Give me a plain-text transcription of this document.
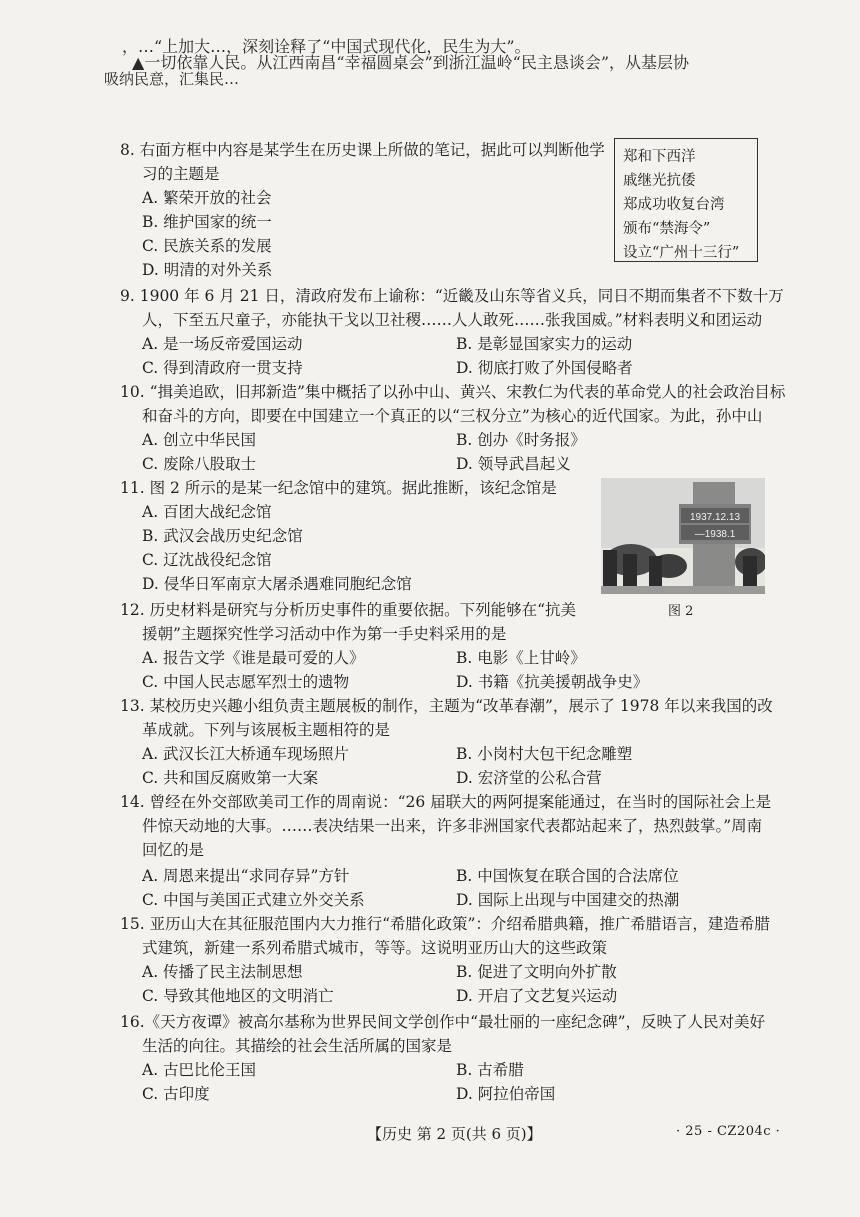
，…“上加大…，深刻诠释了“中国式现代化，民生为大”。
▲一切依靠人民。从江西南昌“幸福圆桌会”到浙江温岭“民主恳谈会”，从基层协
吸纳民意，汇集民…
8. 右面方框中内容是某学生在历史课上所做的笔记，据此可以判断他学
习的主题是
A. 繁荣开放的社会
B. 维护国家的统一
C. 民族关系的发展
D. 明清的对外关系
郑和下西洋
戚继光抗倭
郑成功收复台湾
颁布“禁海令”
设立“广州十三行”
9. 1900 年 6 月 21 日，清政府发布上谕称：“近畿及山东等省义兵，同日不期而集者不下数十万
人，下至五尺童子，亦能执干戈以卫社稷……人人敢死……张我国威。”材料表明义和团运动
A. 是一场反帝爱国运动	B. 是彰显国家实力的运动
C. 得到清政府一贯支持	D. 彻底打败了外国侵略者
10. “揖美追欧，旧邦新造”集中概括了以孙中山、黄兴、宋教仁为代表的革命党人的社会政治目标
和奋斗的方向，即要在中国建立一个真正的以“三权分立”为核心的近代国家。为此，孙中山
A. 创立中华民国	B. 创办《时务报》
C. 废除八股取士	D. 领导武昌起义
11. 图 2 所示的是某一纪念馆中的建筑。据此推断，该纪念馆是
A. 百团大战纪念馆
B. 武汉会战历史纪念馆
C. 辽沈战役纪念馆
D. 侵华日军南京大屠杀遇难同胞纪念馆
1937.12.13
—1938.1
图 2
12. 历史材料是研究与分析历史事件的重要依据。下列能够在“抗美
援朝”主题探究性学习活动中作为第一手史料采用的是
A. 报告文学《谁是最可爱的人》	B. 电影《上甘岭》
C. 中国人民志愿军烈士的遗物	D. 书籍《抗美援朝战争史》
13. 某校历史兴趣小组负责主题展板的制作，主题为“改革春潮”，展示了 1978 年以来我国的改
革成就。下列与该展板主题相符的是
A. 武汉长江大桥通车现场照片	B. 小岗村大包干纪念雕塑
C. 共和国反腐败第一大案	D. 宏济堂的公私合营
14. 曾经在外交部欧美司工作的周南说：“26 届联大的两阿提案能通过，在当时的国际社会上是
件惊天动地的大事。……表决结果一出来，许多非洲国家代表都站起来了，热烈鼓掌。”周南
回忆的是
A. 周恩来提出“求同存异”方针	B. 中国恢复在联合国的合法席位
C. 中国与美国正式建立外交关系	D. 国际上出现与中国建交的热潮
15. 亚历山大在其征服范围内大力推行“希腊化政策”：介绍希腊典籍，推广希腊语言，建造希腊
式建筑，新建一系列希腊式城市，等等。这说明亚历山大的这些政策
A. 传播了民主法制思想	B. 促进了文明向外扩散
C. 导致其他地区的文明消亡	D. 开启了文艺复兴运动
16.《天方夜谭》被高尔基称为世界民间文学创作中“最壮丽的一座纪念碑”，反映了人民对美好
生活的向往。其描绘的社会生活所属的国家是
A. 古巴比伦王国	B. 古希腊
C. 古印度	D. 阿拉伯帝国
【历史 第 2 页(共 6 页)】	· 25 - CZ204c ·
